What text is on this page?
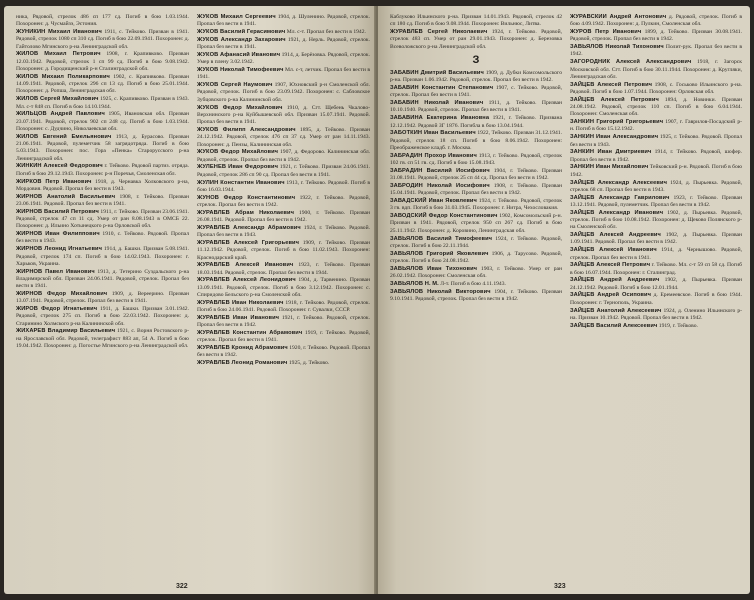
ника, Рядовой, стрелок 486 сп 177 сд. Погиб в бою 1.03.1944. Похоронен: д. Чусмайзэ, Эстония.
ЖУНИКИН Михаил Иванович 1911, с. Тейково. Призван в 1941. Рядовой, стрелок 1080 сп 310 сд. Погиб в бою 22.09.1941. Похоронен: д. Гайтолово Мгинского р-на Ленинградской обл.
ЖИЛОВ Михаил Петрович 1908, г. Крапивково. Призван 12.03.1942. Рядовой, стрелок 1 сп 99 сд. Погиб в бою 9.08.1942. Похоронен: д. Городищенский р-н Сталинградской обл.
ЖИЛОВ Михаил Поликарпович 1902, с. Крапивково. Призван 14.09.1941. Рядовой, стрелок 296 сп 13 сд. Погиб в бою 25.01.1944. Похоронен: д. Ропша, Ленинградская обл.
ЖИЛОВ Сергей Михайлович 1925, с. Крапивково. Призван в 1943. Мл. с-т 848 сп. Погиб в бою 14.10.1944.
ЖИЛЬЦОВ Андрей Павлович 1905, Ивановская обл. Призван 23.07.1941. Рядовой, стрелок 902 сп 248 сд. Погиб в бою 1.03.1944. Похоронен: с. Дудчино, Николаевская обл.
ЖИЛОВ Евгений Емельянович 1913, д. Бурасово. Призван 21.06.1941. Рядовой, пулеметчик 58 загрядотряда. Погиб в бою 5.03.1943. Похоронен: пос. Гора «Пенка» Старорусского р-на Ленинградской обл.
ЖИНКИН Алексей Федорович г. Тейково. Рядовой партиз. отряда. Погиб в бою 29.12.1943. Похоронен: р-н Поречья, Смоленская обл.
ЖИРКОВ Петр Иванович 1918, д. Чернавка Холковского р-на, Мордовия. Рядовой. Пропал без вести в 1943.
ЖИРНОВ Анатолий Васильевич 1908, г. Тейково. Призван 23.06.1941. Рядовой. Пропал без вести в 1941.
ЖИРНОВ Василий Петрович 1911, г. Тейково. Призван 23.06.1941. Рядовой, стрелок 47 сп 11 сд. Умер от ран 8.08.1943 в ОМСБ 22. Похоронен: д. Ильино Хотынецкого р-на Орловской обл.
ЖИРНОВ Иван Филиппович 1910, с. Тейково. Рядовой. Пропал без вести в 1943.
ЖИРНОВ Леонид Игнатьевич 1914, д. Башки. Призван 5.08.1941. Рядовой, стрелок 174 сп. Погиб в бою 14.02.1943. Похоронен: г. Харьков, Украина.
ЖИРНОВ Павел Иванович 1913, д. Тетерино Суздальского р-на Владимирской обл. Призван 24.06.1941. Рядовой, стрелок. Пропал без вести в 1941.
ЖИРНОВ Федор Михайлович 1909, д. Вереерино. Призван 13.07.1941. Рядовой, стрелок. Пропал без вести в 1941.
ЖИРОВ Федор Игнатьевич 1911, д. Башки. Призван 3.01.1942. Рядовой, стрелок 275 сп. Погиб в бою 22.03.1942. Похоронен: д. Старинино Холмского р-на Калининской обл.
ЖИХАРЕВ Владимир Васильевич 1921, с. Ворня Ростовского р-на Ярославской обл. Рядовой, телеграфист 883 ап, 54 А. Погиб в бою 19.04.1942. Похоронен: д. Погостье Мгинского р-на Ленинградской обл.
ЖУКОВ Михаил Сергеевич 1904, д. Шуленино. Рядовой, стрелок. Пропал без вести в 1941.
ЖУКОВ Василий Герасимович Мл. с-т. Пропал без вести в 1942.
ЖУКОВ Александр Захарович 1921, д. Нерль. Рядовой, стрелок. Пропал без вести в 1941.
ЖУКОВ Афанасий Иванович 1914, д. Берёзовка. Рядовой, стрелок. Умер в плену 3.02.1942.
ЖУКОВ Николай Тимофеевич Мл. с-т, летчик. Пропал без вести в 1941.
ЖУКОВ Сергей Наумович 1907, Юхновский р-н Смоленской обл. Рядовой, стрелок. Погиб в бою 23.09.1942. Похоронен: с. Сабловское Зубцовского р-на Калининской обл.
ЖУКОВ Федор Михайлович 1910, д. Сгт. Щебень Чкалово-Верхнинского р-на Куйбышевской обл. Призван 15.07.1941. Рядовой. Пропал без вести в 1941.
ЖУКОВ Филипп Александрович 1895, д. Тейково. Призван 24.12.1942. Рядовой, стрелок 476 сп 37 сд. Умер от ран 14.11.1943. Похоронен: д. Пензы, Калининская обл.
ЖУКОВ Федор Михайлович 1907, д. Федорово. Калининская обл. Рядовой, стрелок. Пропал без вести в 1942.
ЖУЛЕНЕВ Иван Федорович 1921, г. Тейково. Призван 24.06.1941. Рядовой, стрелок 286 сп 90 сд. Пропал без вести в 1941.
ЖУЛИН Константин Иванович 1913, г. Тейково. Рядовой. Погиб в бою 16.03.1944.
ЖУНОВ Федор Константинович 1922, г. Тейково. Рядовой, стрелок. Пропал без вести в 1942.
ЖУРАВЛЕВ Абрам Николаевич 1900, г. Тейково. Призван 26.08.1941. Рядовой. Пропал без вести в 1942.
ЖУРАВЛЕВ Александр Абрамович 1924, г. Тейково. Рядовой. Пропал без вести в 1943.
ЖУРАВЛЕВ Алексей Григорьевич 1909, г. Тейково. Призван 11.12.1942. Рядовой, стрелок. Погиб в бою 11.02.1943. Похоронен: Краснодарский край.
ЖУРАВЛЕВ Алексей Иванович 1923, г. Тейково. Призван 18.03.1944. Рядовой, стрелок. Пропал без вести в 1944.
ЖУРАВЛЕВ Алексей Леонидович 1904, д. Тарвенино. Призван 13.09.1941. Рядовой, стрелок. Погиб в бою 3.12.1942. Похоронен: с. Спиридово Бельского р-на Смоленской обл.
ЖУРАВЛЕВ Иван Николаевич 1918, г. Тейково. Рядовой, стрелок. Погиб в бою 24.06.1941. Рядовой. Похоронен: г. Сувалки, СССР.
ЖУРАВЛЕВ Иван Иванович 1921, г. Тейково. Рядовой, стрелок. Пропал без вести в 1942.
ЖУРАВЛЕВ Константин Абрамович 1919, г. Тейково. Рядовой, стрелок. Пропал без вести в 1941.
ЖУРАВЛЕВ Кронид Абрамович 1920, г. Тейково. Рядовой. Пропал без вести в 1942.
ЖУРАВЛЕВ Леонид Романович 1925, д. Тейково.
322
Каблуково Ильинского р-на. Призван 14.01.1943. Рядовой, стрелок 42 сп 180 сд. Погиб в бою 9.08.1944. Похоронен: Вильнюс, Литва.
ЖУРАВЛЕВ Сергей Николаевич 1924, г. Тейково. Рядовой, стрелок 483 сп. Умер от ран 29.01.1943. Похоронен: д. Березовка Всеволожского р-на Ленинградской обл.
З
ЗАБАВИН Дмитрий Васильевич 1909, д. Дубки Комсомольского р-на. Призван 1.06.1942. Рядовой, стрелок. Пропал без вести в 1942.
ЗАБАВИН Константин Степанович 1907, с. Тейково. Рядовой, стрелок. Пропал без вести в 1941.
ЗАБАВИН Николай Иванович 1911, д. Тейково. Призван 10.10.1940. Рядовой, стрелок. Пропал без вести в 1941.
ЗАБАВИНА Екатерина Ивановна 1921, г. Тейково. Призвана 12.12.1942. Рядовой ЗГ 1876. Погибла в бою 13.04.1944.
ЗАБОТКИН Иван Васильевич 1922, Тейково. Призван 31.12.1941. Рядовой, стрелок 18 сп. Погиб в бою 8.06.1942. Похоронен: Преображенское кладб. г. Москва.
ЗАБРАДИН Прохор Иванович 1913, г. Тейково. Рядовой, стрелок 102 гв. сп 51 гв. сд. Погиб в бою 15.08.1943.
ЗАБРАДИН Василий Иосифович 1904, г. Тейково. Призван 31.08.1941. Рядовой, стрелок 25 сп 44 сд. Пропал без вести в 1942.
ЗАБРОДИН Николай Иосифович 1908, г. Тейково. Призван 15.04.1941. Рядовой, стрелок. Пропал без вести в 1942.
ЗАВАДСКИЙ Иван Яковлевич 1924, г. Тейково. Рядовой, стрелок 3 гв. вдп. Погиб в бою 31.03.1945. Похоронен: г. Нитра, Чехословакия.
ЗАВОДСКИЙ Федор Константинович 1902, Комсомольский р-н. Призван в 1941. Рядовой, стрелок 950 сп 267 сд. Погиб в бою 25.11.1942. Похоронен: д. Коровино, Ленинградская обл.
ЗАВЬЯЛОВ Василий Тимофеевич 1924, г. Тейково. Рядовой, стрелок. Погиб в бою 22.11.1944.
ЗАВЬЯЛОВ Григорий Яковлевич 1906, д. Тарусово. Рядовой, стрелок. Погиб в бою 24.08.1942.
ЗАВЬЯЛОВ Иван Тихонович 1903, г. Тейково. Умер от ран 26.02.1942. Похоронен: Смоленская обл.
ЗАВЬЯЛОВ Н. М. Л-т. Погиб в бою 4.11.1943.
ЗАВЬЯЛОВ Николай Викторович 1904, г. Тейково. Призван 9.10.1941. Рядовой, стрелок. Пропал без вести в 1942.
ЖУРАВСКИЙ Андрей Антонович д. Рядовой, стрелок. Погиб в бою 4.09.1942. Похоронен: д. Пулкин, Смоленская обл.
ЖУРОВ Петр Иванович 1899, д. Тейково. Призван 30.08.1941. Рядовой, стрелок. Пропал без вести в 1942.
ЗАВЬЯЛОВ Николай Тихонович Полит-рук. Пропал без вести в 1942.
ЗАГОРОДНИК Алексей Александрович 1918, г. Загорск Московской обл. Сгт. Погиб в бою 30.11.1944. Похоронен: д. Кругляки, Ленинградская обл.
ЗАЙЦЕВ Алексей Петрович 1908, с. Госьково Ильинского р-на. Рядовой. Погиб в бою 1.07.1944. Похоронен: Орловская обл.
ЗАЙЦЕВ Алексей Петрович 1894, д. Новинки. Призван 24.08.1942. Рядовой, стрелок 110 сп. Погиб в бою 6.04.1944. Похоронен: Смоленская обл.
ЗАНКИН Григорий Григорьевич 1907, г. Гаврилов-Посадский р-н. Погиб в бою 15.12.1942.
ЗАНКИН Иван Александрович 1925, г. Тейково. Рядовой. Пропал без вести в 1943.
ЗАНКИН Иван Дмитриевич 1914, г. Тейково. Рядовой, шофер. Пропал без вести в 1942.
ЗАНКИН Иван Михайлович Тейковский р-н. Рядовой. Погиб в бою 1942.
ЗАЙЦЕВ Александр Алексеевич 1924, д. Пырьевка. Рядовой, стрелок 68 сп. Пропал без вести в 1943.
ЗАЙЦЕВ Александр Гаврилович 1923, г. Тейково. Призван 13.12.1941. Рядовой, пулеметчик. Пропал без вести в 1942.
ЗАЙЦЕВ Александр Иванович 1902, д. Пырьевка. Рядовой, стрелок. Погиб в бою 10.08.1942. Похоронен: д. Щеково Полянского р-на Смоленской обл.
ЗАЙЦЕВ Алексей Андреевич 1902, д. Пырьевка. Призван 1.09.1941. Рядовой. Пропал без вести в 1942.
ЗАЙЦЕВ Алексей Иванович 1914, д. Чернышово. Рядовой, стрелок. Пропал без вести в 1941.
ЗАЙЦЕВ Алексей Петрович г. Тейково. Мл. с-т 59 сп 58 сд. Погиб в бою 16.07.1944. Похоронен: г. Сталинград.
ЗАЙЦЕВ Андрей Андреевич 1902, д. Пырьевка. Призван 24.12.1942. Рядовой. Погиб в бою 12.01.1944.
ЗАЙЦЕВ Андрей Осипович д. Еремеевское. Погиб в бою 1944. Похоронен: г. Тернополь, Украина.
ЗАЙЦЕВ Анатолий Алексеевич 1924, д. Оленино Ильинского р-на. Призван 10.1942. Рядовой. Пропал без вести в 1942.
ЗАЙЦЕВ Василий Алексеевич 1919, г. Тейково.
323
